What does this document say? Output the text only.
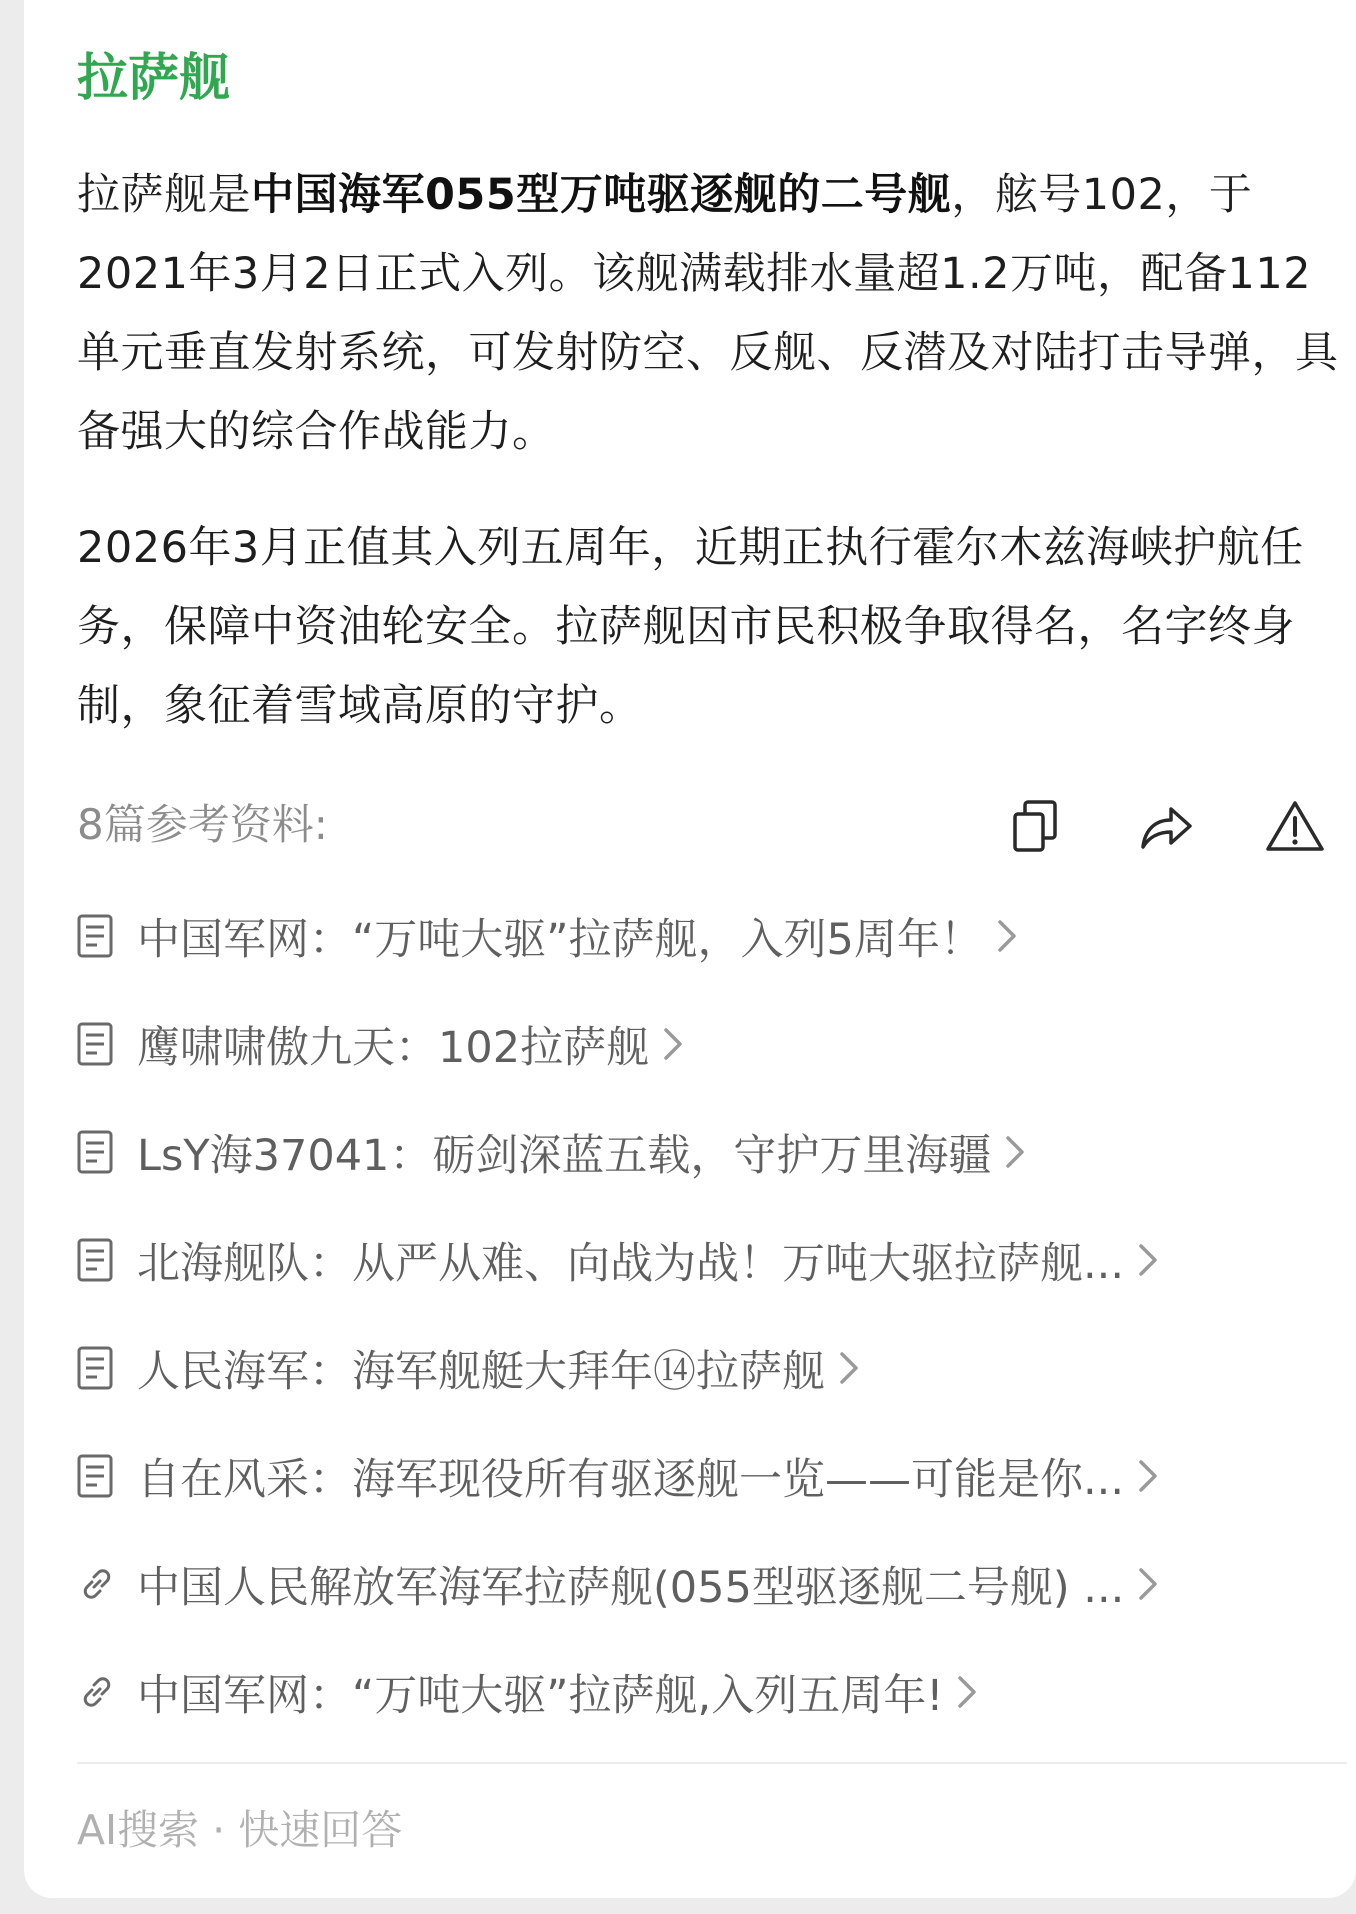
拉萨舰

拉萨舰是中国海军055型万吨驱逐舰的二号舰，舷号102，于2021年3月2日正式入列。该舰满载排水量超1.2万吨，配备112单元垂直发射系统，可发射防空、反舰、反潜及对陆打击导弹，具备强大的综合作战能力。

2026年3月正值其入列五周年，近期正执行霍尔木兹海峡护航任务，保障中资油轮安全。拉萨舰因市民积极争取得名，名字终身制，象征着雪域高原的守护。

8篇参考资料:
中国军网：“万吨大驱”拉萨舰，入列5周年！
鹰啸啸傲九天：102拉萨舰
LsY海37041：砺剑深蓝五载，守护万里海疆
北海舰队：从严从难、向战为战！万吨大驱拉萨舰...
人民海军：海军舰艇大拜年⑭拉萨舰
自在风采：海军现役所有驱逐舰一览——可能是你...
中国人民解放军海军拉萨舰(055型驱逐舰二号舰) ...
中国军网：“万吨大驱”拉萨舰,入列五周年!
AI搜索 · 快速回答
